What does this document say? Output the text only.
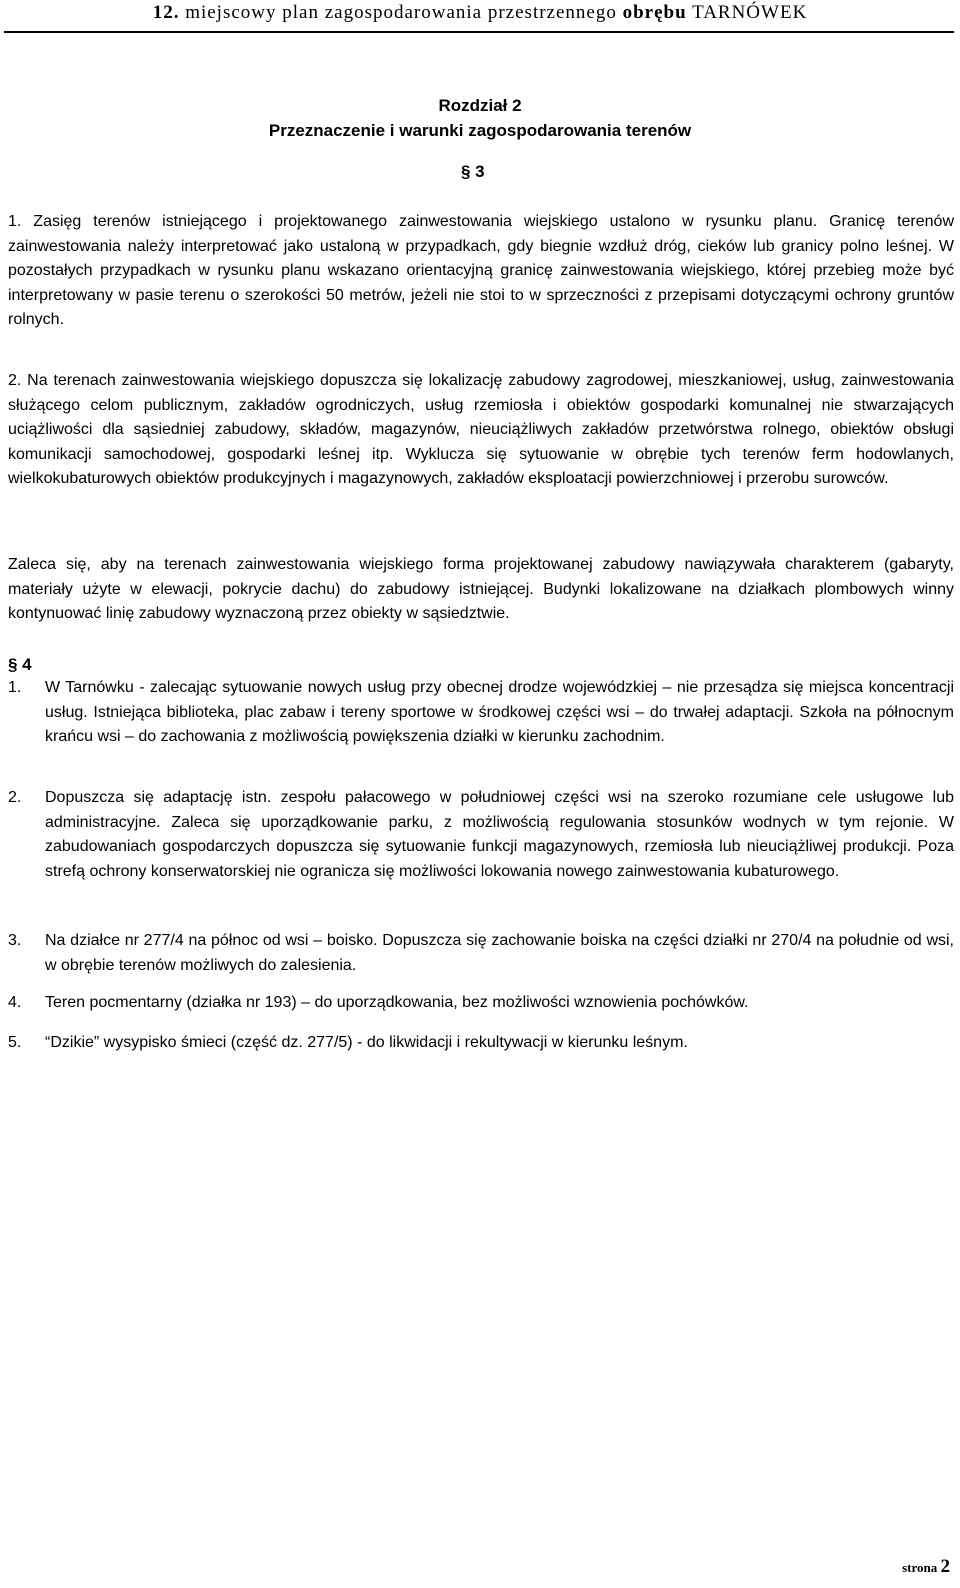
12. miejscowy plan zagospodarowania przestrzennego obrębu TARNÓWEK
Rozdział 2
Przeznaczenie i warunki zagospodarowania terenów
§ 3
1. Zasięg terenów istniejącego i projektowanego zainwestowania wiejskiego ustalono w rysunku planu. Granicę terenów zainwestowania należy interpretować jako ustaloną w przypadkach, gdy biegnie wzdłuż dróg, cieków lub granicy polno leśnej. W pozostałych przypadkach w rysunku planu wskazano orientacyjną granicę zainwestowania wiejskiego, której przebieg może być interpretowany w pasie terenu o szerokości 50 metrów, jeżeli nie stoi to w sprzeczności z przepisami dotyczącymi ochrony gruntów rolnych.
2. Na terenach zainwestowania wiejskiego dopuszcza się lokalizację zabudowy zagrodowej, mieszkaniowej, usług, zainwestowania służącego celom publicznym, zakładów ogrodniczych, usług rzemiosła i obiektów gospodarki komunalnej nie stwarzających uciążliwości dla sąsiedniej zabudowy, składów, magazynów, nieuciążliwych zakładów przetwórstwa rolnego, obiektów obsługi komunikacji samochodowej, gospodarki leśnej itp. Wyklucza się sytuowanie w obrębie tych terenów ferm hodowlanych, wielkokubaturowych obiektów produkcyjnych i magazynowych, zakładów eksploatacji powierzchniowej i przerobu surowców.
Zaleca się, aby na terenach zainwestowania wiejskiego forma projektowanej zabudowy nawiązywała charakterem (gabaryty, materiały użyte w elewacji, pokrycie dachu) do zabudowy istniejącej. Budynki lokalizowane na działkach plombowych winny kontynuować linię zabudowy wyznaczoną przez obiekty w sąsiedztwie.
§ 4
1. W Tarnówku - zalecając sytuowanie nowych usług przy obecnej drodze wojewódzkiej – nie przesądza się miejsca koncentracji usług. Istniejąca biblioteka, plac zabaw i tereny sportowe w środkowej części wsi – do trwałej adaptacji. Szkoła na północnym krańcu wsi – do zachowania z możliwością powiększenia działki w kierunku zachodnim.
2. Dopuszcza się adaptację istn. zespołu pałacowego w południowej części wsi na szeroko rozumiane cele usługowe lub administracyjne. Zaleca się uporządkowanie parku, z możliwością regulowania stosunków wodnych w tym rejonie. W zabudowaniach gospodarczych dopuszcza się sytuowanie funkcji magazynowych, rzemiosła lub nieuciążliwej produkcji. Poza strefą ochrony konserwatorskiej nie ogranicza się możliwości lokowania nowego zainwestowania kubaturowego.
3. Na działce nr 277/4 na północ od wsi – boisko. Dopuszcza się zachowanie boiska na części działki nr 270/4 na południe od wsi, w obrębie terenów możliwych do zalesienia.
4. Teren pocmentarny (działka nr 193) – do uporządkowania, bez możliwości wznowienia pochówków.
5. “Dzikie” wysypisko śmieci (część dz. 277/5) - do likwidacji i rekultywacji w kierunku leśnym.
strona 2
